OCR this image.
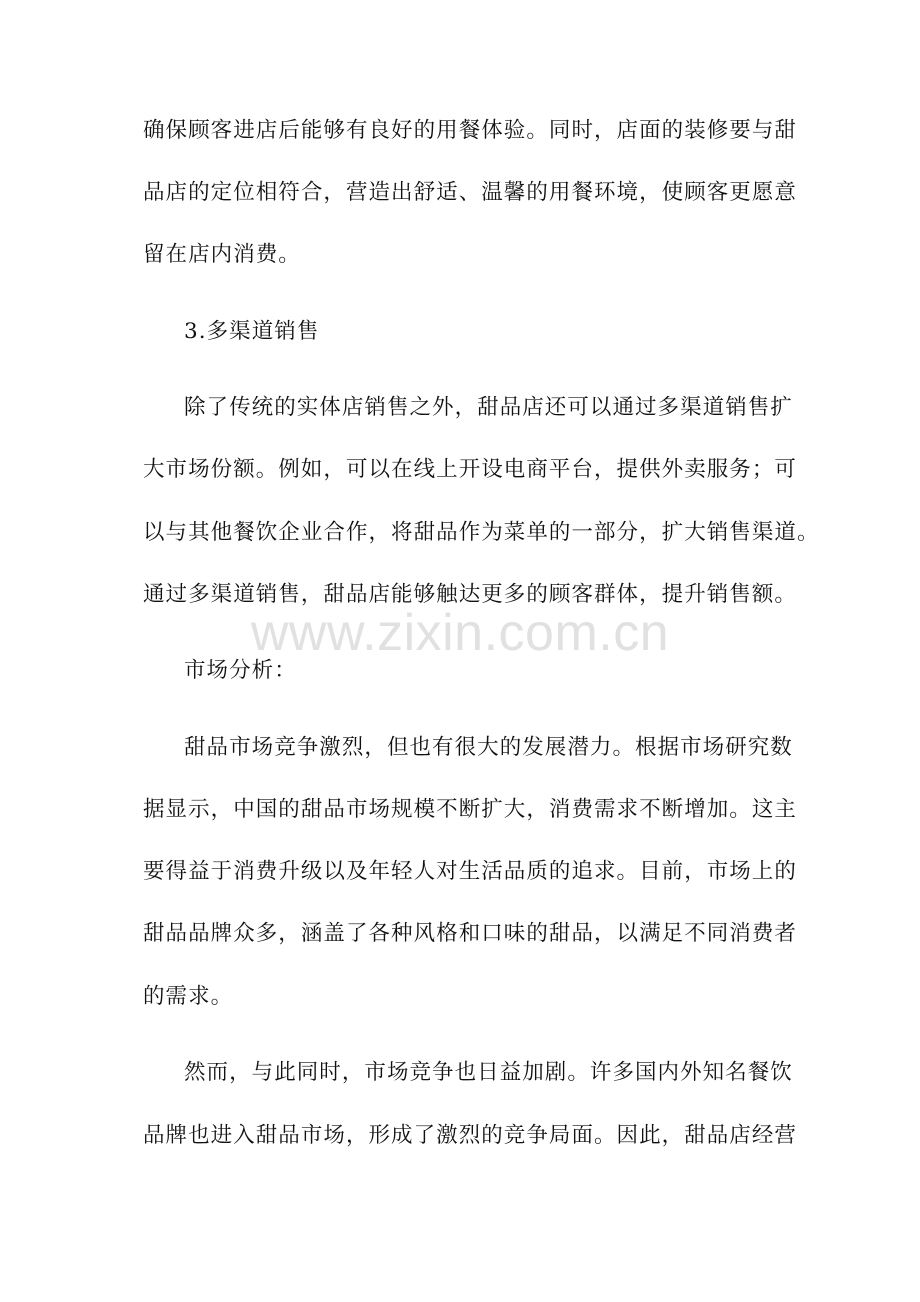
确保顾客进店后能够有良好的用餐体验。同时，店面的装修要与甜
品店的定位相符合，营造出舒适、温馨的用餐环境，使顾客更愿意
留在店内消费。
3.多渠道销售
除了传统的实体店销售之外，甜品店还可以通过多渠道销售扩
大市场份额。例如，可以在线上开设电商平台，提供外卖服务；可
以与其他餐饮企业合作，将甜品作为菜单的一部分，扩大销售渠道。
通过多渠道销售，甜品店能够触达更多的顾客群体，提升销售额。
市场分析：
甜品市场竞争激烈，但也有很大的发展潜力。根据市场研究数
据显示，中国的甜品市场规模不断扩大，消费需求不断增加。这主
要得益于消费升级以及年轻人对生活品质的追求。目前，市场上的
甜品品牌众多，涵盖了各种风格和口味的甜品，以满足不同消费者
的需求。
然而，与此同时，市场竞争也日益加剧。许多国内外知名餐饮
品牌也进入甜品市场，形成了激烈的竞争局面。因此，甜品店经营
www.zixin.com.cn
